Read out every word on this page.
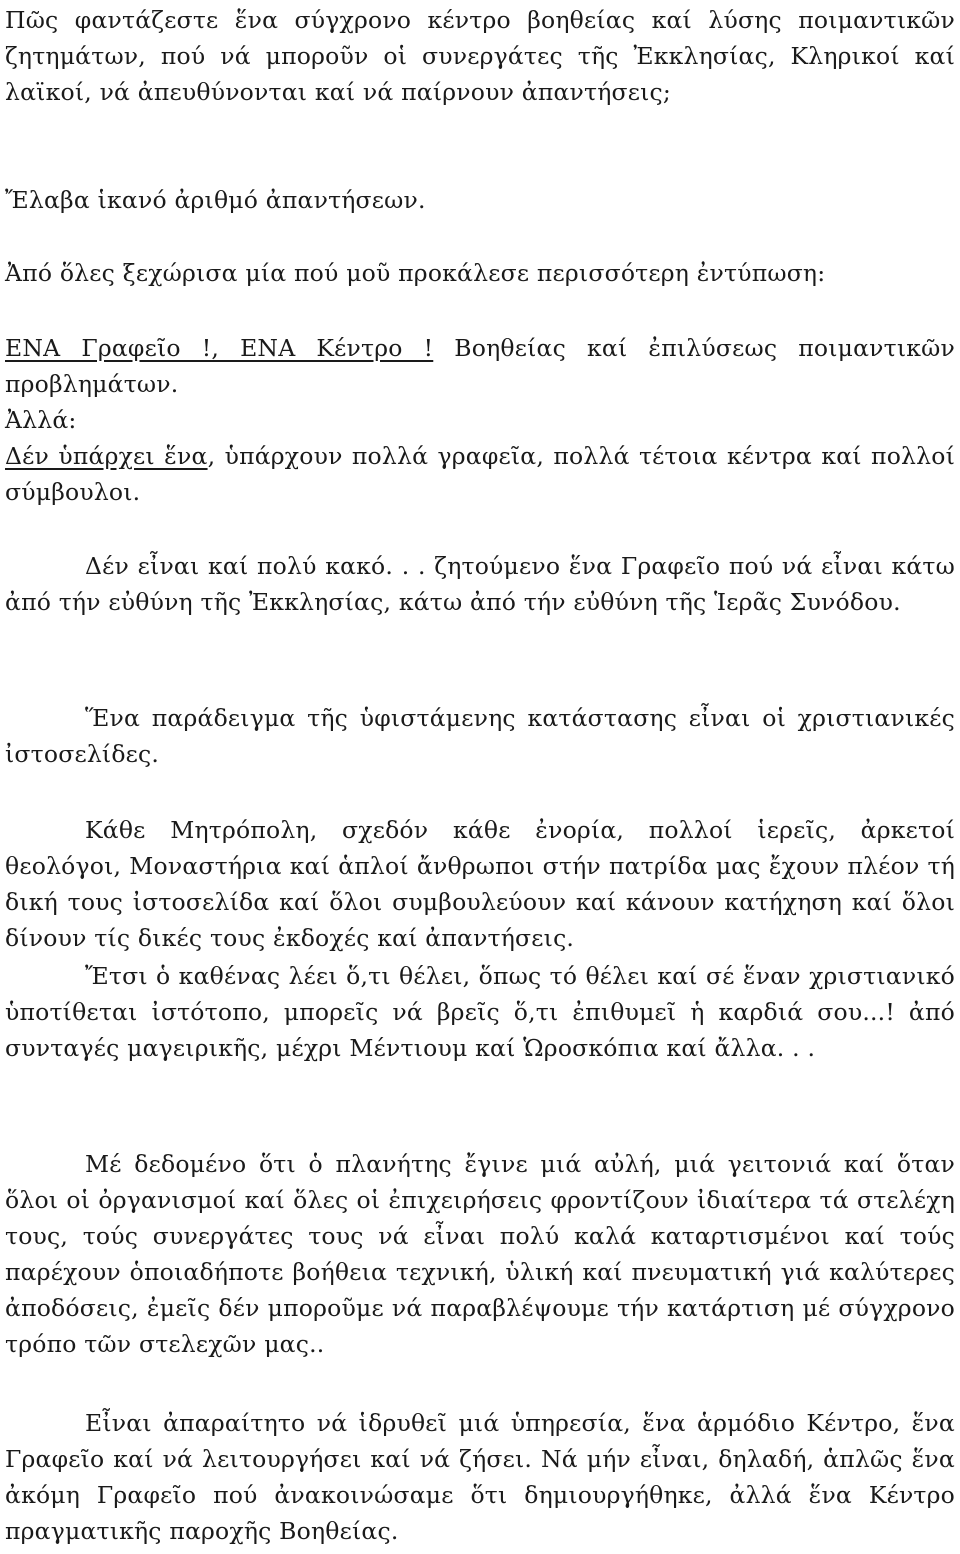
Πῶς φαντάζεστε ἕνα σύγχρονο κέντρο βοηθείας καί λύσης ποιμαντικῶν ζητημάτων, πού νά μποροῦν οἱ συνεργάτες τῆς Ἐκκλησίας, Κληρικοί καί λαϊκοί, νά ἀπευθύνονται καί νά παίρνουν ἀπαντήσεις;

Ἔλαβα ἱκανό ἀριθμό ἀπαντήσεων.

Ἀπό ὅλες ξεχώρισα μία πού μοῦ προκάλεσε περισσότερη ἐντύπωση:

ΕΝΑ Γραφεῖο !, ΕΝΑ Κέντρο ! Βοηθείας καί ἐπιλύσεως ποιμαντικῶν προβλημάτων.

Ἀλλά:
Δέν ὑπάρχει ἕνα, ὑπάρχουν πολλά γραφεῖα, πολλά τέτοια κέντρα καί πολλοί σύμβουλοι.

Δέν εἶναι καί πολύ κακό. . . ζητούμενο ἕνα Γραφεῖο πού νά εἶναι κάτω ἀπό τήν εὐθύνη τῆς Ἐκκλησίας, κάτω ἀπό τήν εὐθύνη τῆς Ἱερᾶς Συνόδου.

Ἕνα παράδειγμα τῆς ὑφιστάμενης κατάστασης εἶναι οἱ χριστιανικές ἰστοσελίδες.

Κάθε Μητρόπολη, σχεδόν κάθε ἐνορία, πολλοί ἱερεῖς, ἀρκετοί θεολόγοι, Μοναστήρια καί ἁπλοί ἄνθρωποι στήν πατρίδα μας ἔχουν πλέον τή δική τους ἰστοσελίδα καί ὅλοι συμβουλεύουν καί κάνουν κατήχηση καί ὅλοι δίνουν τίς δικές τους ἐκδοχές καί ἀπαντήσεις.

Ἔτσι ὁ καθένας λέει ὅ,τι θέλει, ὅπως τό θέλει καί σέ ἕναν χριστιανικό ὑποτίθεται ἰστότοπο, μπορεῖς νά βρεῖς ὅ,τι ἐπιθυμεῖ ἡ καρδιά σου...! ἀπό συνταγές μαγειρικῆς, μέχρι Μέντιουμ καί Ὡροσκόπια καί ἄλλα. . .

Μέ δεδομένο ὅτι ὁ πλανήτης ἔγινε μιά αὐλή, μιά γειτονιά καί ὅταν ὅλοι οἱ ὀργανισμοί καί ὅλες οἱ ἐπιχειρήσεις φροντίζουν ἰδιαίτερα τά στελέχη τους, τούς συνεργάτες τους νά εἶναι πολύ καλά καταρτισμένοι καί τούς παρέχουν ὁποιαδήποτε βοήθεια τεχνική, ὑλική καί πνευματική γιά καλύτερες ἀποδόσεις, ἐμεῖς δέν μποροῦμε νά παραβλέψουμε τήν κατάρτιση μέ σύγχρονο τρόπο τῶν στελεχῶν μας..

Εἶναι ἀπαραίτητο νά ἱδρυθεῖ μιά ὑπηρεσία, ἕνα ἁρμόδιο Κέντρο, ἕνα Γραφεῖο καί νά λειτουργήσει καί νά ζήσει. Νά μήν εἶναι, δηλαδή, ἁπλῶς ἕνα ἀκόμη Γραφεῖο πού ἀνακοινώσαμε ὅτι δημιουργήθηκε, ἀλλά ἕνα Κέντρο πραγματικῆς παροχῆς Βοηθείας.
